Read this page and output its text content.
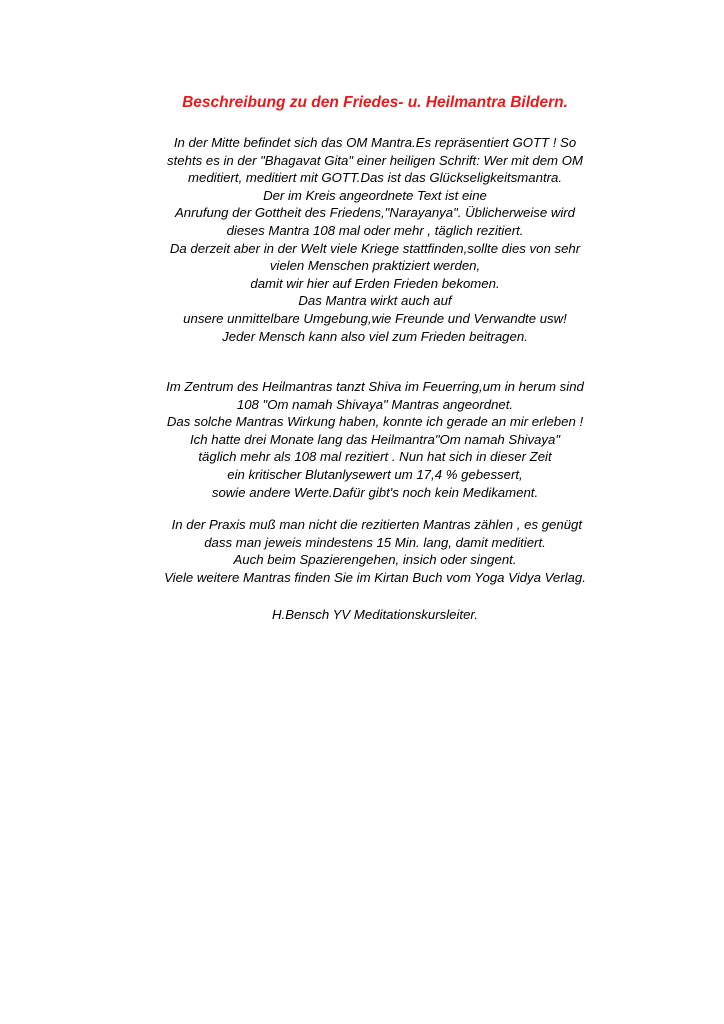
Beschreibung zu den Friedes- u. Heilmantra Bildern.
In der Mitte befindet sich das OM Mantra.Es repräsentiert GOTT ! So
stehts es in der "Bhagavat Gita" einer heiligen Schrift: Wer mit dem OM
meditiert, meditiert mit GOTT.Das ist das Glückseligkeitsmantra.
Der im Kreis angeordnete Text ist eine
Anrufung der Gottheit des Friedens,"Narayanya". Üblicherweise wird
dieses Mantra 108 mal oder mehr , täglich rezitiert.
Da derzeit aber in der Welt viele Kriege stattfinden,sollte dies von sehr
vielen Menschen praktiziert werden,
damit wir hier auf Erden Frieden bekomen.
Das Mantra wirkt auch auf
unsere unmittelbare Umgebung,wie Freunde und Verwandte usw!
Jeder Mensch kann also viel zum Frieden beitragen.
Im Zentrum des Heilmantras tanzt Shiva im Feuerring,um in herum sind
108 "Om namah Shivaya" Mantras angeordnet.
Das solche Mantras Wirkung haben, konnte ich gerade an mir erleben !
Ich hatte drei Monate lang das Heilmantra"Om namah Shivaya"
täglich mehr als 108 mal rezitiert . Nun hat sich in dieser Zeit
ein kritischer Blutanlysewert um 17,4 % gebessert,
sowie andere Werte.Dafür gibt's noch kein Medikament.
In der Praxis muß man nicht die rezitierten Mantras zählen , es genügt
dass man jeweis mindestens 15 Min. lang, damit meditiert.
Auch beim Spazierengehen, insich oder singent.
Viele weitere Mantras finden Sie im Kirtan Buch vom Yoga Vidya Verlag.
H.Bensch YV Meditationskursleiter.
